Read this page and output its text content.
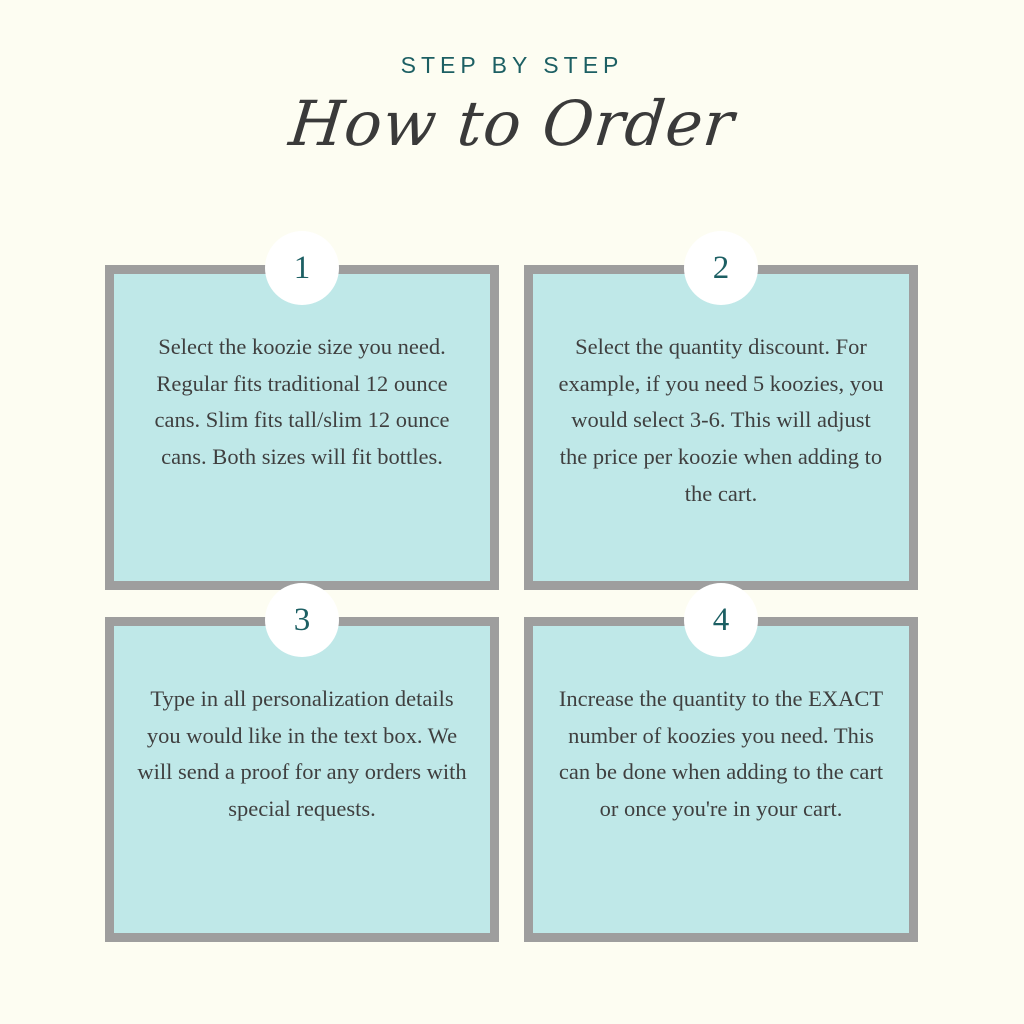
STEP BY STEP
How to Order
1
Select the koozie size you need. Regular fits traditional 12 ounce cans. Slim fits tall/slim 12 ounce cans. Both sizes will fit bottles.
2
Select the quantity discount. For example, if you need 5 koozies, you would select 3-6. This will adjust the price per koozie when adding to the cart.
3
Type in all personalization details you would like in the text box. We will send a proof for any orders with special requests.
4
Increase the quantity to the EXACT number of koozies you need. This can be done when adding to the cart or once you're in your cart.
